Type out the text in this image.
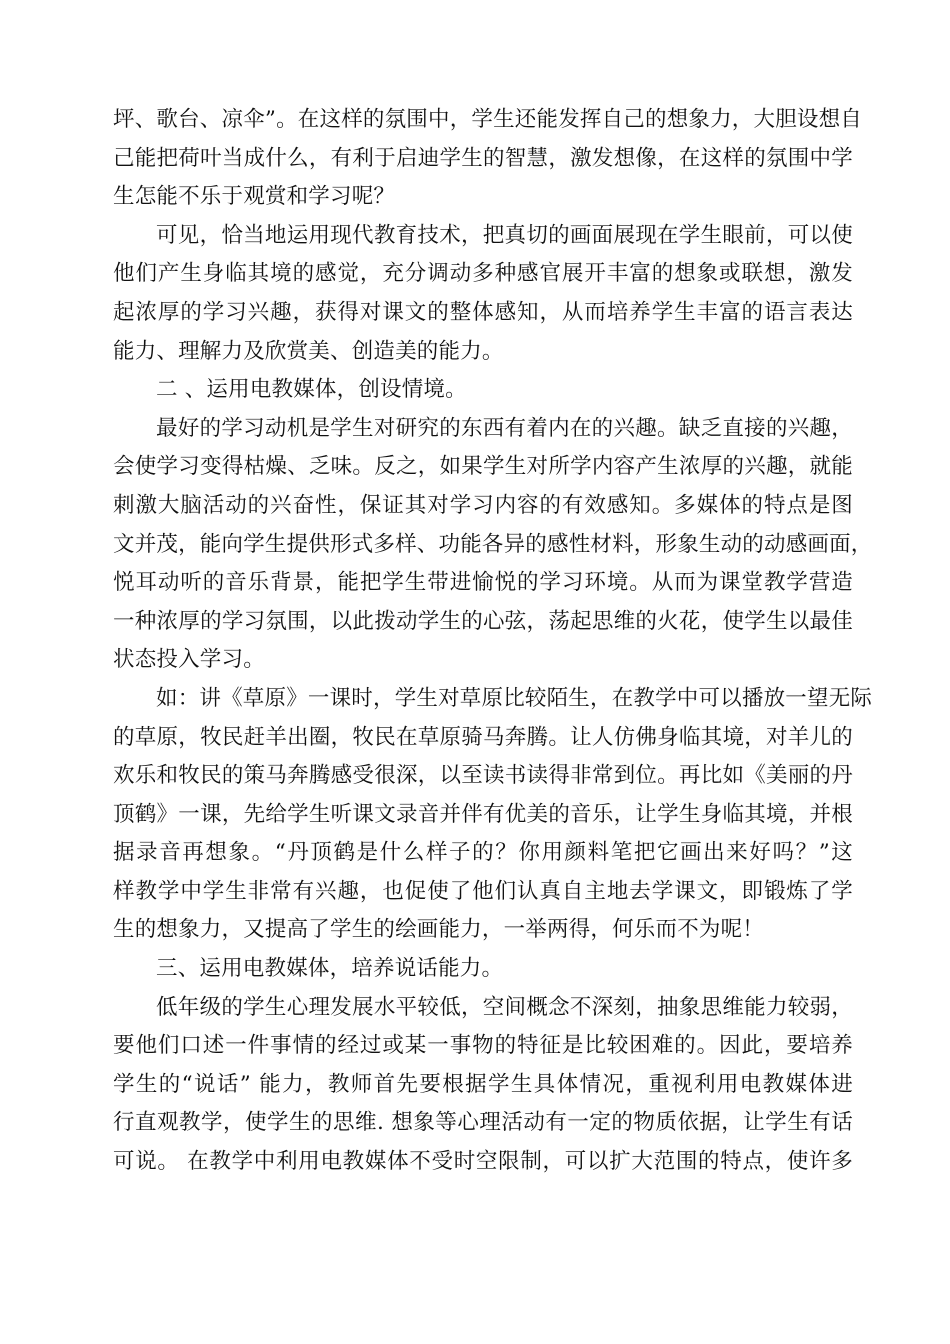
坪、歌台、凉伞”。在这样的氛围中，学生还能发挥自己的想象力，大胆设想自
己能把荷叶当成什么，有利于启迪学生的智慧，激发想像，在这样的氛围中学
生怎能不乐于观赏和学习呢？
可见，恰当地运用现代教育技术，把真切的画面展现在学生眼前，可以使
他们产生身临其境的感觉，充分调动多种感官展开丰富的想象或联想，激发
起浓厚的学习兴趣，获得对课文的整体感知，从而培养学生丰富的语言表达
能力、理解力及欣赏美、创造美的能力。
二 、运用电教媒体，创设情境。
最好的学习动机是学生对研究的东西有着内在的兴趣。缺乏直接的兴趣，
会使学习变得枯燥、乏味。反之，如果学生对所学内容产生浓厚的兴趣，就能
刺激大脑活动的兴奋性，保证其对学习内容的有效感知。多媒体的特点是图
文并茂，能向学生提供形式多样、功能各异的感性材料，形象生动的动感画面，
悦耳动听的音乐背景，能把学生带进愉悦的学习环境。从而为课堂教学营造
一种浓厚的学习氛围，以此拨动学生的心弦，荡起思维的火花，使学生以最佳
状态投入学习。
如：讲《草原》一课时，学生对草原比较陌生，在教学中可以播放一望无际
的草原，牧民赶羊出圈，牧民在草原骑马奔腾。让人仿佛身临其境，对羊儿的
欢乐和牧民的策马奔腾感受很深，以至读书读得非常到位。再比如《美丽的丹
顶鹤》一课，先给学生听课文录音并伴有优美的音乐，让学生身临其境，并根
据录音再想象。“丹顶鹤是什么样子的？你用颜料笔把它画出来好吗？”这
样教学中学生非常有兴趣，也促使了他们认真自主地去学课文，即锻炼了学
生的想象力，又提高了学生的绘画能力，一举两得，何乐而不为呢！
三、运用电教媒体，培养说话能力。
低年级的学生心理发展水平较低，空间概念不深刻，抽象思维能力较弱，
要他们口述一件事情的经过或某一事物的特征是比较困难的。因此，要培养
学生的“说话” 能力，教师首先要根据学生具体情况，重视利用电教媒体进
行直观教学，使学生的思维. 想象等心理活动有一定的物质依据，让学生有话
可说。 在教学中利用电教媒体不受时空限制，可以扩大范围的特点，使许多
